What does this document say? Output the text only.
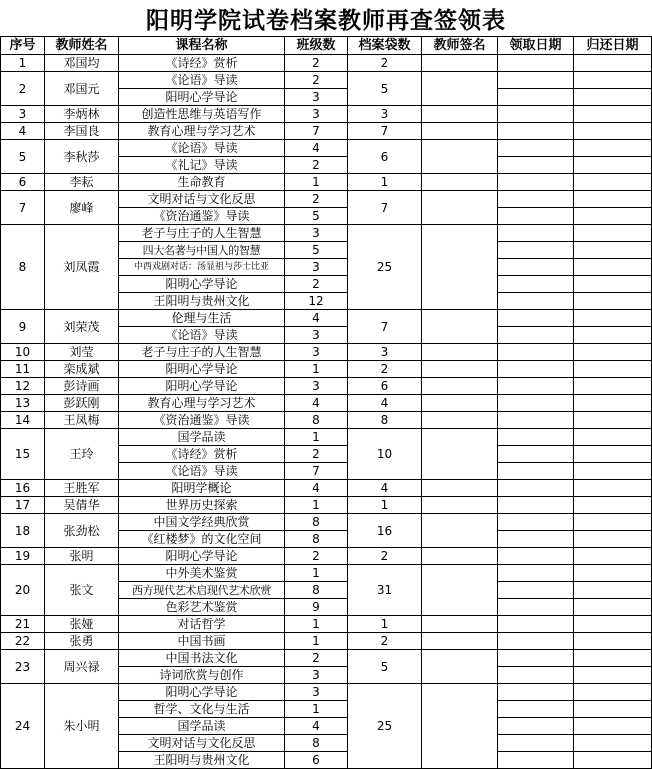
阳明学院试卷档案教师再查签领表
序号	教师姓名	课程名称	班级数	档案袋数	教师签名	领取日期	归还日期
1	邓国均	《诗经》赏析	2	2			
2	邓国元	《论语》导读	2	5			
		阳明心学导论	3				
3	李炳林	创造性思维与英语写作	3	3			
4	李国良	教育心理与学习艺术	7	7			
5	李秋莎	《论语》导读	4	6			
		《礼记》导读	2				
6	李耘	生命教育	1	1			
7	廖峰	文明对话与文化反思	2	7			
		《资治通鉴》导读	5				
8	刘凤霞	老子与庄子的人生智慧	3	25			
		四大名著与中国人的智慧	5				
		中西戏剧对话：汤显祖与莎士比亚	3				
		阳明心学导论	2				
		王阳明与贵州文化	12				
9	刘荣茂	伦理与生活	4	7			
		《论语》导读	3				
10	刘莹	老子与庄子的人生智慧	3	3			
11	栾成斌	阳明心学导论	1	2			
12	彭诗画	阳明心学导论	3	6			
13	彭跃刚	教育心理与学习艺术	4	4			
14	王凤梅	《资治通鉴》导读	8	8			
15	王玲	国学品读	1	10			
		《诗经》赏析	2				
		《论语》导读	7				
16	王胜军	阳明学概论	4	4			
17	吴倩华	世界历史探索	1	1			
18	张劲松	中国文学经典欣赏	8	16			
		《红楼梦》的文化空间	8				
19	张明	阳明心学导论	2	2			
20	张文	中外美术鉴赏	1	31			
		西方现代艺术启现代艺术欣赏	8				
		色彩艺术鉴赏	9				
21	张娅	对话哲学	1	1			
22	张勇	中国书画	1	2			
23	周兴禄	中国书法文化	2	5			
		诗词欣赏与创作	3				
24	朱小明	阳明心学导论	3	25			
		哲学、文化与生活	1				
		国学品读	4				
		文明对话与文化反思	8				
		王阳明与贵州文化	6				
